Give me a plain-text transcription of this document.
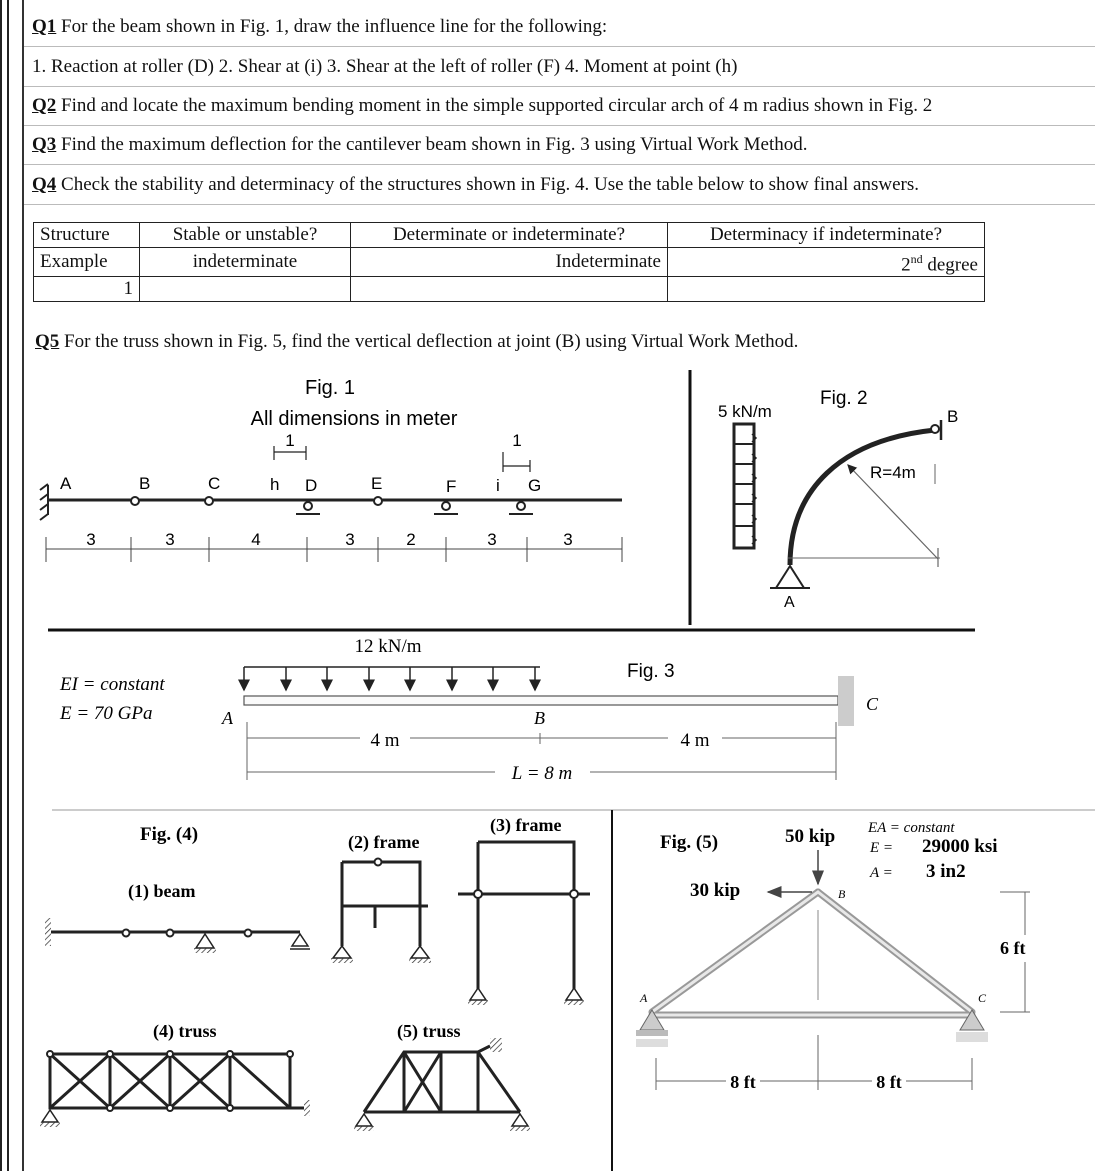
Q1 For the beam shown in Fig. 1, draw the influence line for the following:
1. Reaction at roller (D) 2. Shear at (i) 3. Shear at the left of roller (F) 4. Moment at point (h)
Q2 Find and locate the maximum bending moment in the simple supported circular arch of 4 m radius shown in Fig. 2
Q3 Find the maximum deflection for the cantilever beam shown in Fig. 3 using Virtual Work Method.
Q4 Check the stability and determinacy of the structures shown in Fig. 4. Use the table below to show final answers.
Structure	Stable or unstable?	Determinate or indeterminate?	Determinacy if indeterminate?
Example	indeterminate	Indeterminate	2nd degree
1			
Q5 For the truss shown in Fig. 5, find the vertical deflection at joint (B) using Virtual Work Method.
Fig. 1
All dimensions in meter
1	1
A	B	C	h D	E	F i G
3	3	4	3	2	3	3
5 kN/m
Fig. 2
A
B
R=4m
12 kN/m
Fig. 3
EI = constant
E = 70 GPa	A	B
C
4 m	4 m
L = 8 m
Fig. (4)
(1) beam
(2) frame
(3) frame
(4) truss	(5) truss
Fig. (5)	50 kip
30 kip
EA = constant
E = 29000 ksi
A = 3 in2
B
A	C
6 ft
8 ft	8 ft
